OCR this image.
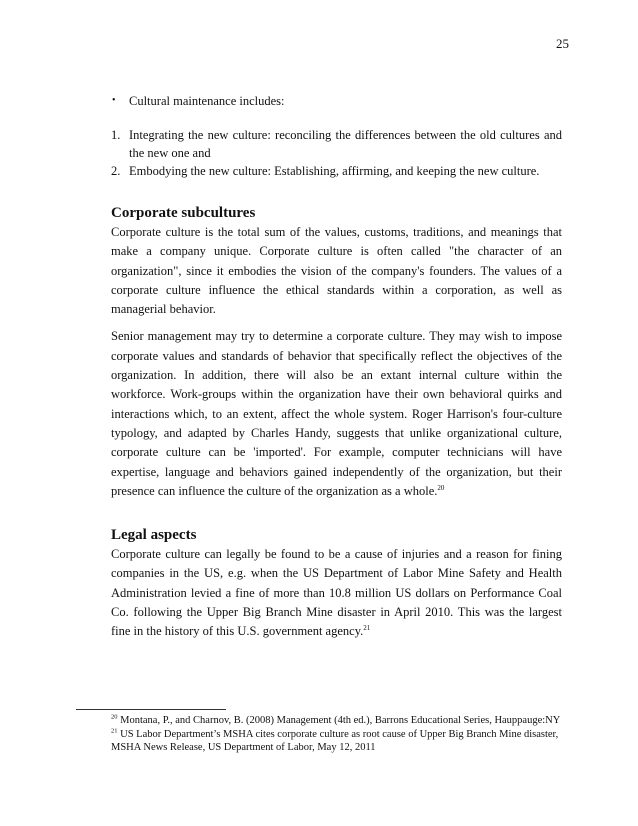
25
• Cultural maintenance includes:
1. Integrating the new culture: reconciling the differences between the old cultures and the new one and
2. Embodying the new culture: Establishing, affirming, and keeping the new culture.
Corporate subcultures

Corporate culture is the total sum of the values, customs, traditions, and meanings that make a company unique. Corporate culture is often called "the character of an organization", since it embodies the vision of the company's founders. The values of a corporate culture influence the ethical standards within a corporation, as well as managerial behavior.

Senior management may try to determine a corporate culture. They may wish to impose corporate values and standards of behavior that specifically reflect the objectives of the organization. In addition, there will also be an extant internal culture within the workforce. Work-groups within the organization have their own behavioral quirks and interactions which, to an extent, affect the whole system. Roger Harrison's four-culture typology, and adapted by Charles Handy, suggests that unlike organizational culture, corporate culture can be 'imported'. For example, computer technicians will have expertise, language and behaviors gained independently of the organization, but their presence can influence the culture of the organization as a whole.$^{20}$

Legal aspects

Corporate culture can legally be found to be a cause of injuries and a reason for fining companies in the US, e.g. when the US Department of Labor Mine Safety and Health Administration levied a fine of more than 10.8 million US dollars on Performance Coal Co. following the Upper Big Branch Mine disaster in April 2010. This was the largest fine in the history of this U.S. government agency.$^{21}$

$^{20}$ Montana, P., and Charnov, B. (2008) Management (4th ed.), Barrons Educational Series, Hauppauge:NY
$^{21}$ US Labor Department’s MSHA cites corporate culture as root cause of Upper Big Branch Mine disaster, MSHA News Release, US Department of Labor, May 12, 2011
